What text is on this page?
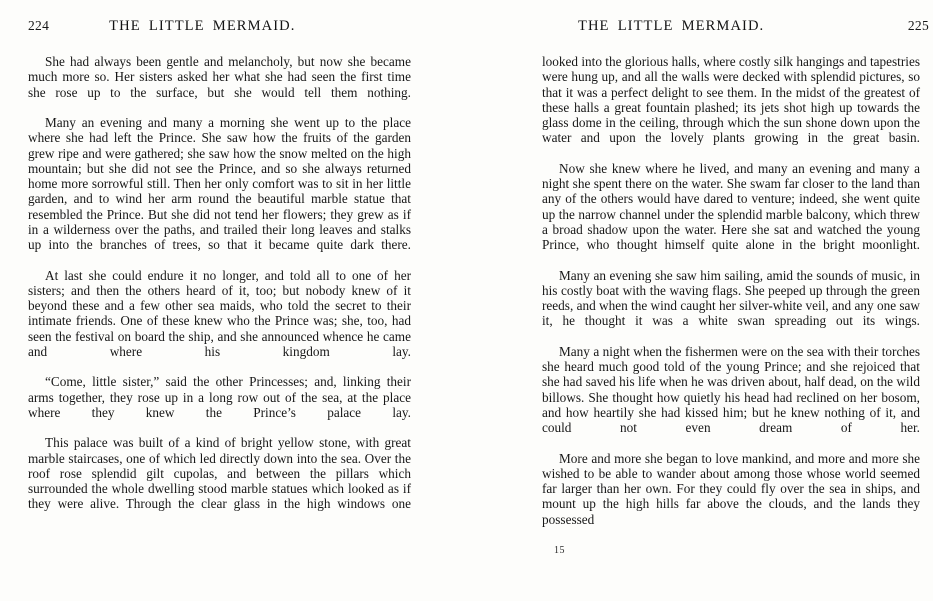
224	THE LITTLE MERMAID.

She had always been gentle and melancholy, but now she became much more so. Her sisters asked her what she had seen the first time she rose up to the surface, but she would tell them nothing.

Many an evening and many a morning she went up to the place where she had left the Prince. She saw how the fruits of the garden grew ripe and were gathered; she saw how the snow melted on the high mountain; but she did not see the Prince, and so she always returned home more sorrowful still. Then her only comfort was to sit in her little garden, and to wind her arm round the beautiful marble statue that resembled the Prince. But she did not tend her flowers; they grew as if in a wilderness over the paths, and trailed their long leaves and stalks up into the branches of trees, so that it became quite dark there.

At last she could endure it no longer, and told all to one of her sisters; and then the others heard of it, too; but nobody knew of it beyond these and a few other sea maids, who told the secret to their intimate friends. One of these knew who the Prince was; she, too, had seen the festival on board the ship, and she announced whence he came and where his kingdom lay.

“Come, little sister,” said the other Princesses; and, linking their arms together, they rose up in a long row out of the sea, at the place where they knew the Prince’s palace lay.

This palace was built of a kind of bright yellow stone, with great marble staircases, one of which led directly down into the sea. Over the roof rose splendid gilt cupolas, and between the pillars which surrounded the whole dwelling stood marble statues which looked as if they were alive. Through the clear glass in the high windows one

THE LITTLE MERMAID.	225

looked into the glorious halls, where costly silk hangings and tapestries were hung up, and all the walls were decked with splendid pictures, so that it was a perfect delight to see them. In the midst of the greatest of these halls a great fountain plashed; its jets shot high up towards the glass dome in the ceiling, through which the sun shone down upon the water and upon the lovely plants growing in the great basin.

Now she knew where he lived, and many an evening and many a night she spent there on the water. She swam far closer to the land than any of the others would have dared to venture; indeed, she went quite up the narrow channel under the splendid marble balcony, which threw a broad shadow upon the water. Here she sat and watched the young Prince, who thought himself quite alone in the bright moonlight.

Many an evening she saw him sailing, amid the sounds of music, in his costly boat with the waving flags. She peeped up through the green reeds, and when the wind caught her silver-white veil, and any one saw it, he thought it was a white swan spreading out its wings.

Many a night when the fishermen were on the sea with their torches she heard much good told of the young Prince; and she rejoiced that she had saved his life when he was driven about, half dead, on the wild billows. She thought how quietly his head had reclined on her bosom, and how heartily she had kissed him; but he knew nothing of it, and could not even dream of her.

More and more she began to love mankind, and more and more she wished to be able to wander about among those whose world seemed far larger than her own. For they could fly over the sea in ships, and mount up the high hills far above the clouds, and the lands they possessed

15
